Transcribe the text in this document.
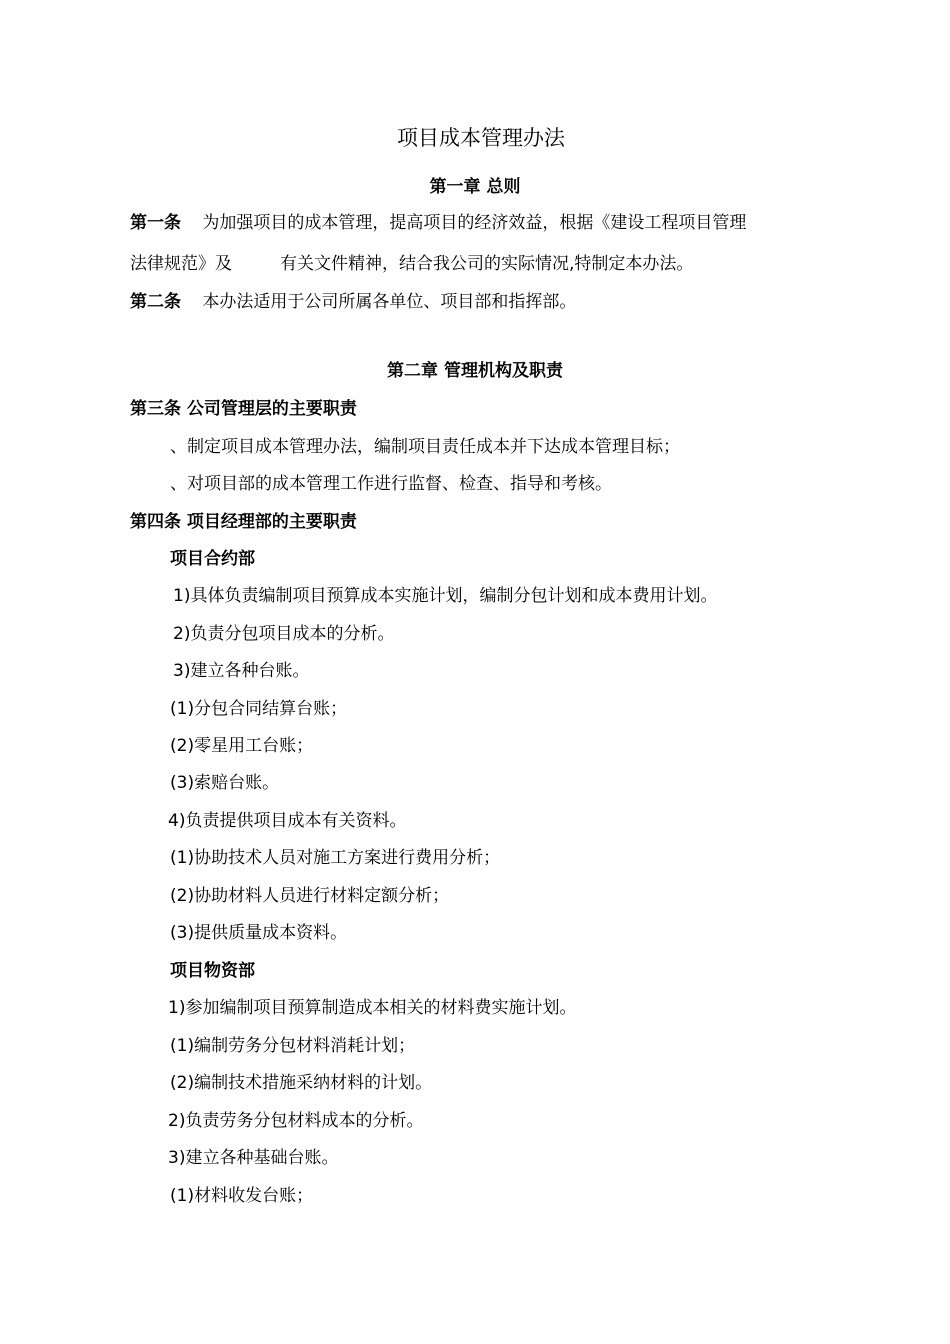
项目成本管理办法
第一章 总则
第一条 为加强项目的成本管理，提高项目的经济效益，根据《建设工程项目管理
法律规范》及	有关文件精神，结合我公司的实际情况,特制定本办法。
第二条 本办法适用于公司所属各单位、项目部和指挥部。
第二章 管理机构及职责
第三条 公司管理层的主要职责
、制定项目成本管理办法，编制项目责任成本并下达成本管理目标；
、对项目部的成本管理工作进行监督、检查、指导和考核。
第四条 项目经理部的主要职责
项目合约部
1)具体负责编制项目预算成本实施计划，编制分包计划和成本费用计划。
2)负责分包项目成本的分析。
3)建立各种台账。
(1)分包合同结算台账；
(2)零星用工台账；
(3)索赔台账。
4)负责提供项目成本有关资料。
(1)协助技术人员对施工方案进行费用分析；
(2)协助材料人员进行材料定额分析；
(3)提供质量成本资料。
项目物资部
1)参加编制项目预算制造成本相关的材料费实施计划。
(1)编制劳务分包材料消耗计划；
(2)编制技术措施采纳材料的计划。
2)负责劳务分包材料成本的分析。
3)建立各种基础台账。
(1)材料收发台账；
